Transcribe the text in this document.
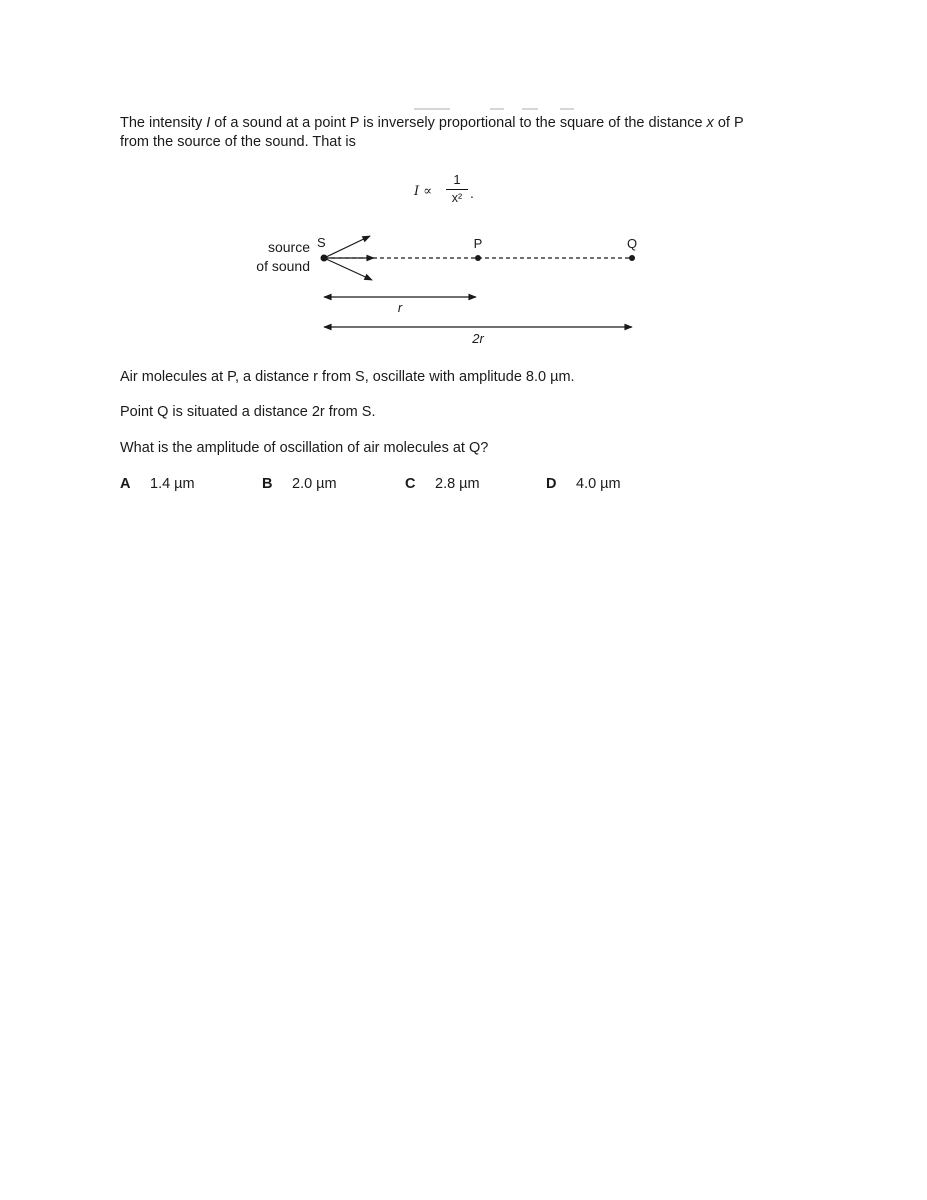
The intensity I of a sound at a point P is inversely proportional to the square of the distance x of P

from the source of the sound. That is

I ∝
1
x² .
source
of sound
S	P	Q
r
2r
Air molecules at P, a distance r from S, oscillate with amplitude 8.0 µm.
Point Q is situated a distance 2r from S.
What is the amplitude of oscillation of air molecules at Q?
A 1.4 µm	B 2.0 µm	C 2.8 µm	D 4.0 µm
